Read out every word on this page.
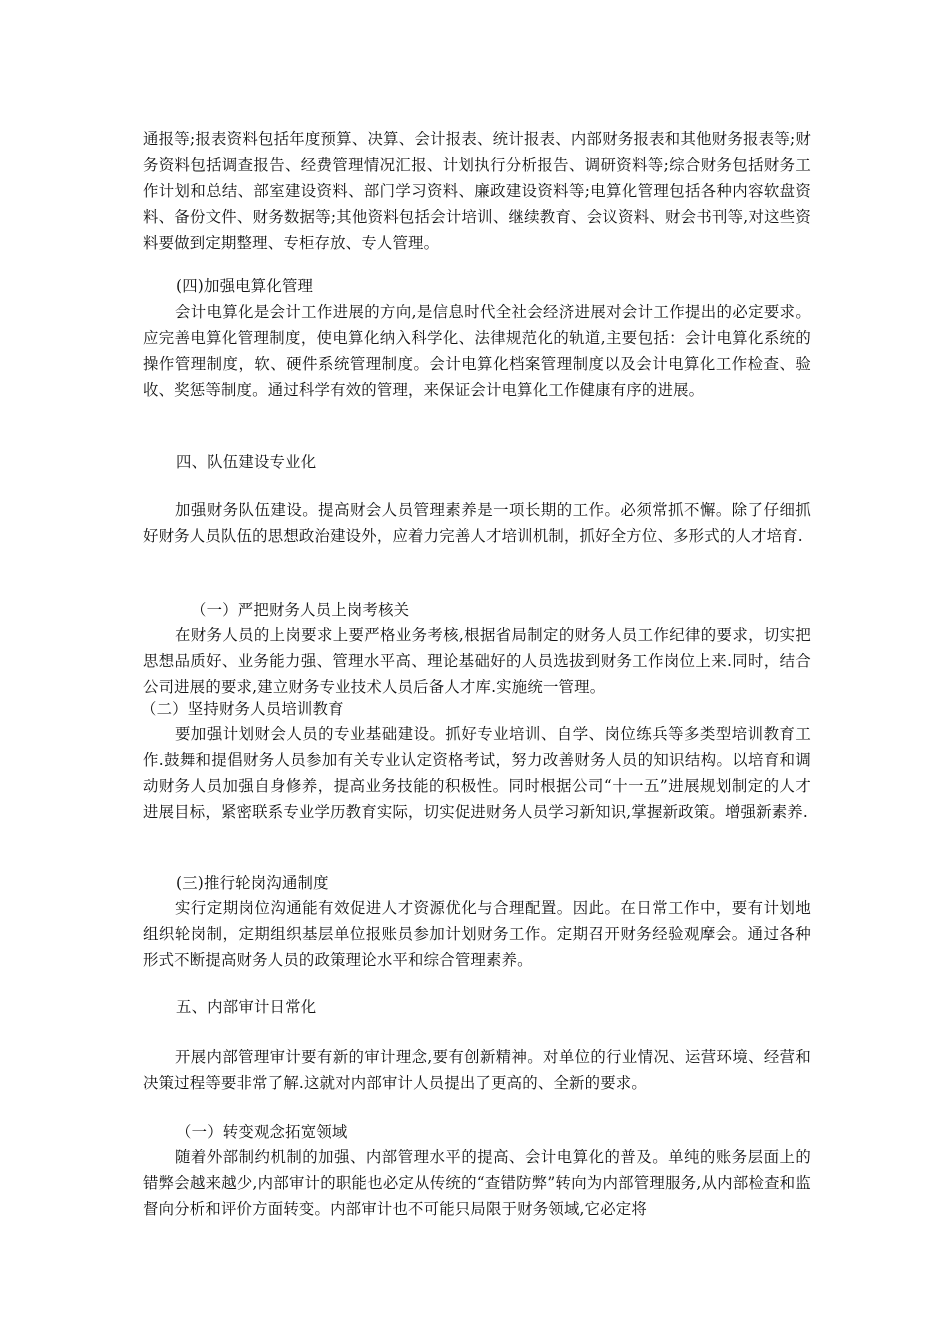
通报等;报表资料包括年度预算、决算、会计报表、统计报表、内部财务报表和其他财务报表等;财务资料包括调查报告、经费管理情况汇报、计划执行分析报告、调研资料等;综合财务包括财务工作计划和总结、部室建设资料、部门学习资料、廉政建设资料等;电算化管理包括各种内容软盘资料、备份文件、财务数据等;其他资料包括会计培训、继续教育、会议资料、财会书刊等,对这些资料要做到定期整理、专柜存放、专人管理。

(四)加强电算化管理

会计电算化是会计工作进展的方向,是信息时代全社会经济进展对会计工作提出的必定要求。应完善电算化管理制度，使电算化纳入科学化、法律规范化的轨道,主要包括：会计电算化系统的操作管理制度，软、硬件系统管理制度。会计电算化档案管理制度以及会计电算化工作检查、验收、奖惩等制度。通过科学有效的管理，来保证会计电算化工作健康有序的进展。

四、队伍建设专业化

加强财务队伍建设。提高财会人员管理素养是一项长期的工作。必须常抓不懈。除了仔细抓好财务人员队伍的思想政治建设外，应着力完善人才培训机制，抓好全方位、多形式的人才培育.

（一）严把财务人员上岗考核关

在财务人员的上岗要求上要严格业务考核,根据省局制定的财务人员工作纪律的要求，切实把思想品质好、业务能力强、管理水平高、理论基础好的人员选拔到财务工作岗位上来.同时，结合公司进展的要求,建立财务专业技术人员后备人才库.实施统一管理。

（二）坚持财务人员培训教育

要加强计划财会人员的专业基础建设。抓好专业培训、自学、岗位练兵等多类型培训教育工作.鼓舞和提倡财务人员参加有关专业认定资格考试，努力改善财务人员的知识结构。以培育和调动财务人员加强自身修养，提高业务技能的积极性。同时根据公司“十一五”进展规划制定的人才进展目标，紧密联系专业学历教育实际，切实促进财务人员学习新知识,掌握新政策。增强新素养.

(三)推行轮岗沟通制度

实行定期岗位沟通能有效促进人才资源优化与合理配置。因此。在日常工作中，要有计划地组织轮岗制，定期组织基层单位报账员参加计划财务工作。定期召开财务经验观摩会。通过各种形式不断提高财务人员的政策理论水平和综合管理素养。

五、内部审计日常化

开展内部管理审计要有新的审计理念,要有创新精神。对单位的行业情况、运营环境、经营和决策过程等要非常了解.这就对内部审计人员提出了更高的、全新的要求。

（一）转变观念拓宽领域

随着外部制约机制的加强、内部管理水平的提高、会计电算化的普及。单纯的账务层面上的错弊会越来越少,内部审计的职能也必定从传统的“查错防弊”转向为内部管理服务,从内部检查和监督向分析和评价方面转变。内部审计也不可能只局限于财务领域,它必定将
